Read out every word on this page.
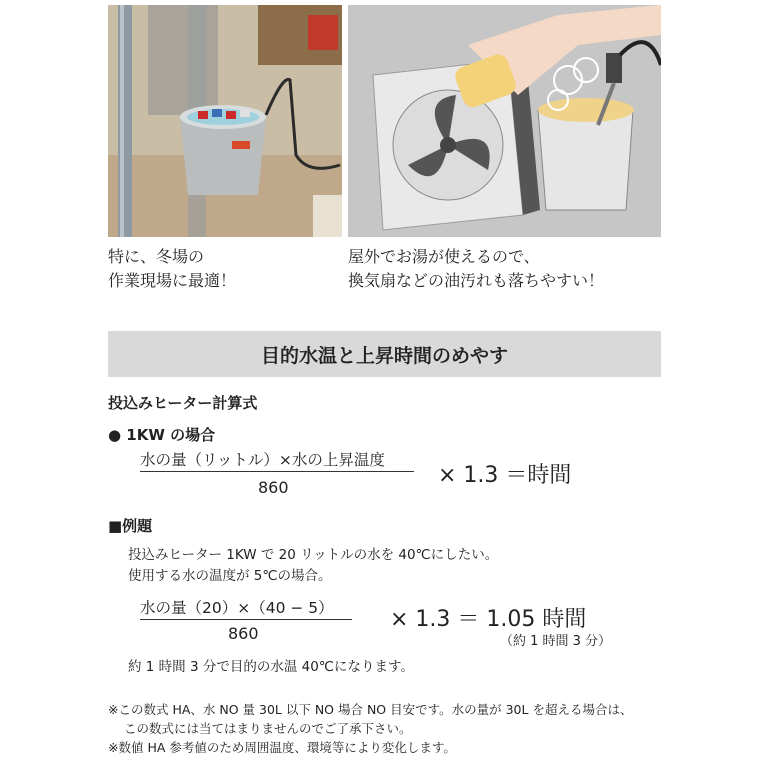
特に、冬場の
作業現場に最適！
屋外でお湯が使えるので、
換気扇などの油汚れも落ちやすい！
目的水温と上昇時間のめやす
投込みヒーター計算式
● 1KW の場合
水の量（リットル）×水の上昇温度
860	× 1.3 ＝時間
■例題
投込みヒーター 1KW で 20 リットルの水を 40℃にしたい。
使用する水の温度が 5℃の場合。
水の量（20）×（40 − 5）
860
× 1.3 ＝ 1.05 時間
（約 1 時間 3 分）
約 1 時間 3 分で目的の水温 40℃になります。
※この数式 HA、水 NO 量 30L 以下 NO 場合 NO 目安です。水の量が 30L を超える場合は、
この数式には当てはまりませんのでご了承下さい。
※数値 HA 参考値のため周囲温度、環境等により変化します。
